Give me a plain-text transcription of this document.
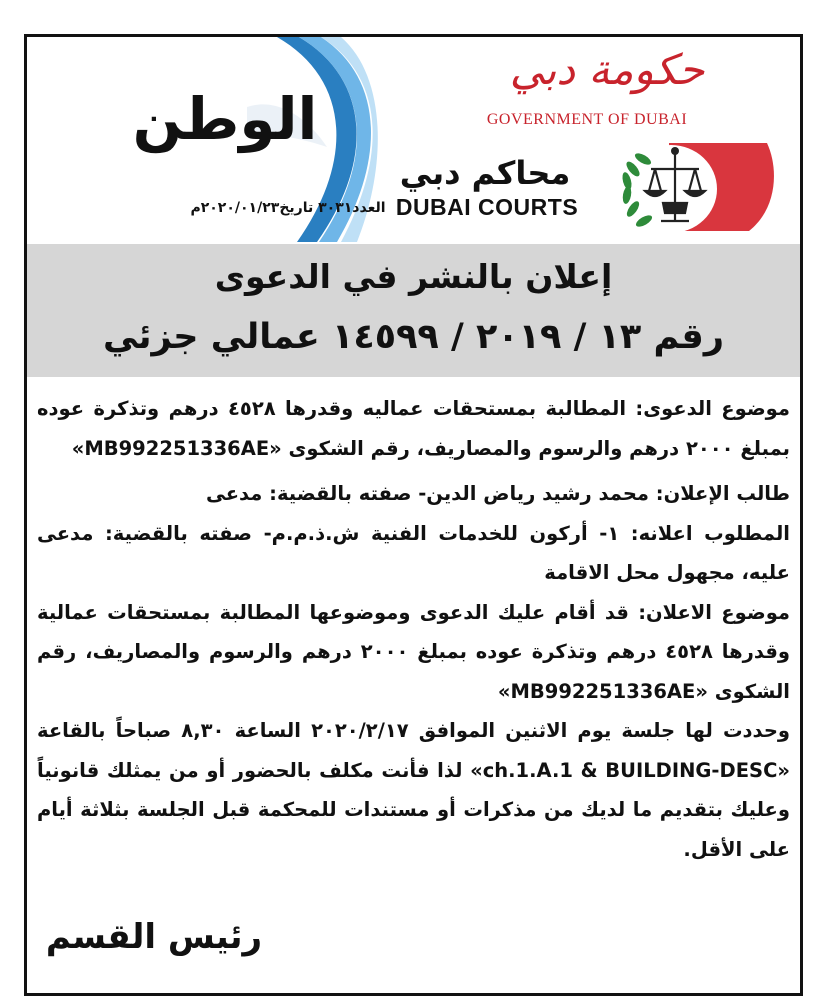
الوطن
العدد٣٠٣١ تاريخ٢٠٢٠/٠١/٢٣م
حكومة دبي
GOVERNMENT OF DUBAI
محاكم دبي
DUBAI COURTS
إعلان بالنشر في الدعوى
رقم ١٣ / ٢٠١٩ / ١٤٥٩٩ عمالي جزئي

موضوع الدعوى: المطالبة بمستحقات عماليه وقدرها ٤٥٢٨ درهم وتذكرة عوده بمبلغ ٢٠٠٠ درهم والرسوم والمصاريف، رقم الشكوى «MB992251336AE»

طالب الإعلان: محمد رشيد رياض الدين- صفته بالقضية: مدعى

المطلوب اعلانه: ١- أركون للخدمات الفنية ش.ذ.م.م- صفته بالقضية: مدعى عليه، مجهول محل الاقامة

موضوع الاعلان: قد أقام عليك الدعوى وموضوعها المطالبة بمستحقات عمالية وقدرها ٤٥٢٨ درهم وتذكرة عوده بمبلغ ٢٠٠٠ درهم والرسوم والمصاريف، رقم الشكوى «MB992251336AE»

وحددت لها جلسة يوم الاثنين الموافق ٢٠٢٠/٢/١٧ الساعة ٨,٣٠ صباحاً بالقاعة «ch.1.A.1 & BUILDING-DESC» لذا فأنت مكلف بالحضور أو من يمثلك قانونياً وعليك بتقديم ما لديك من مذكرات أو مستندات للمحكمة قبل الجلسة بثلاثة أيام على الأقل.

رئيس القسم
